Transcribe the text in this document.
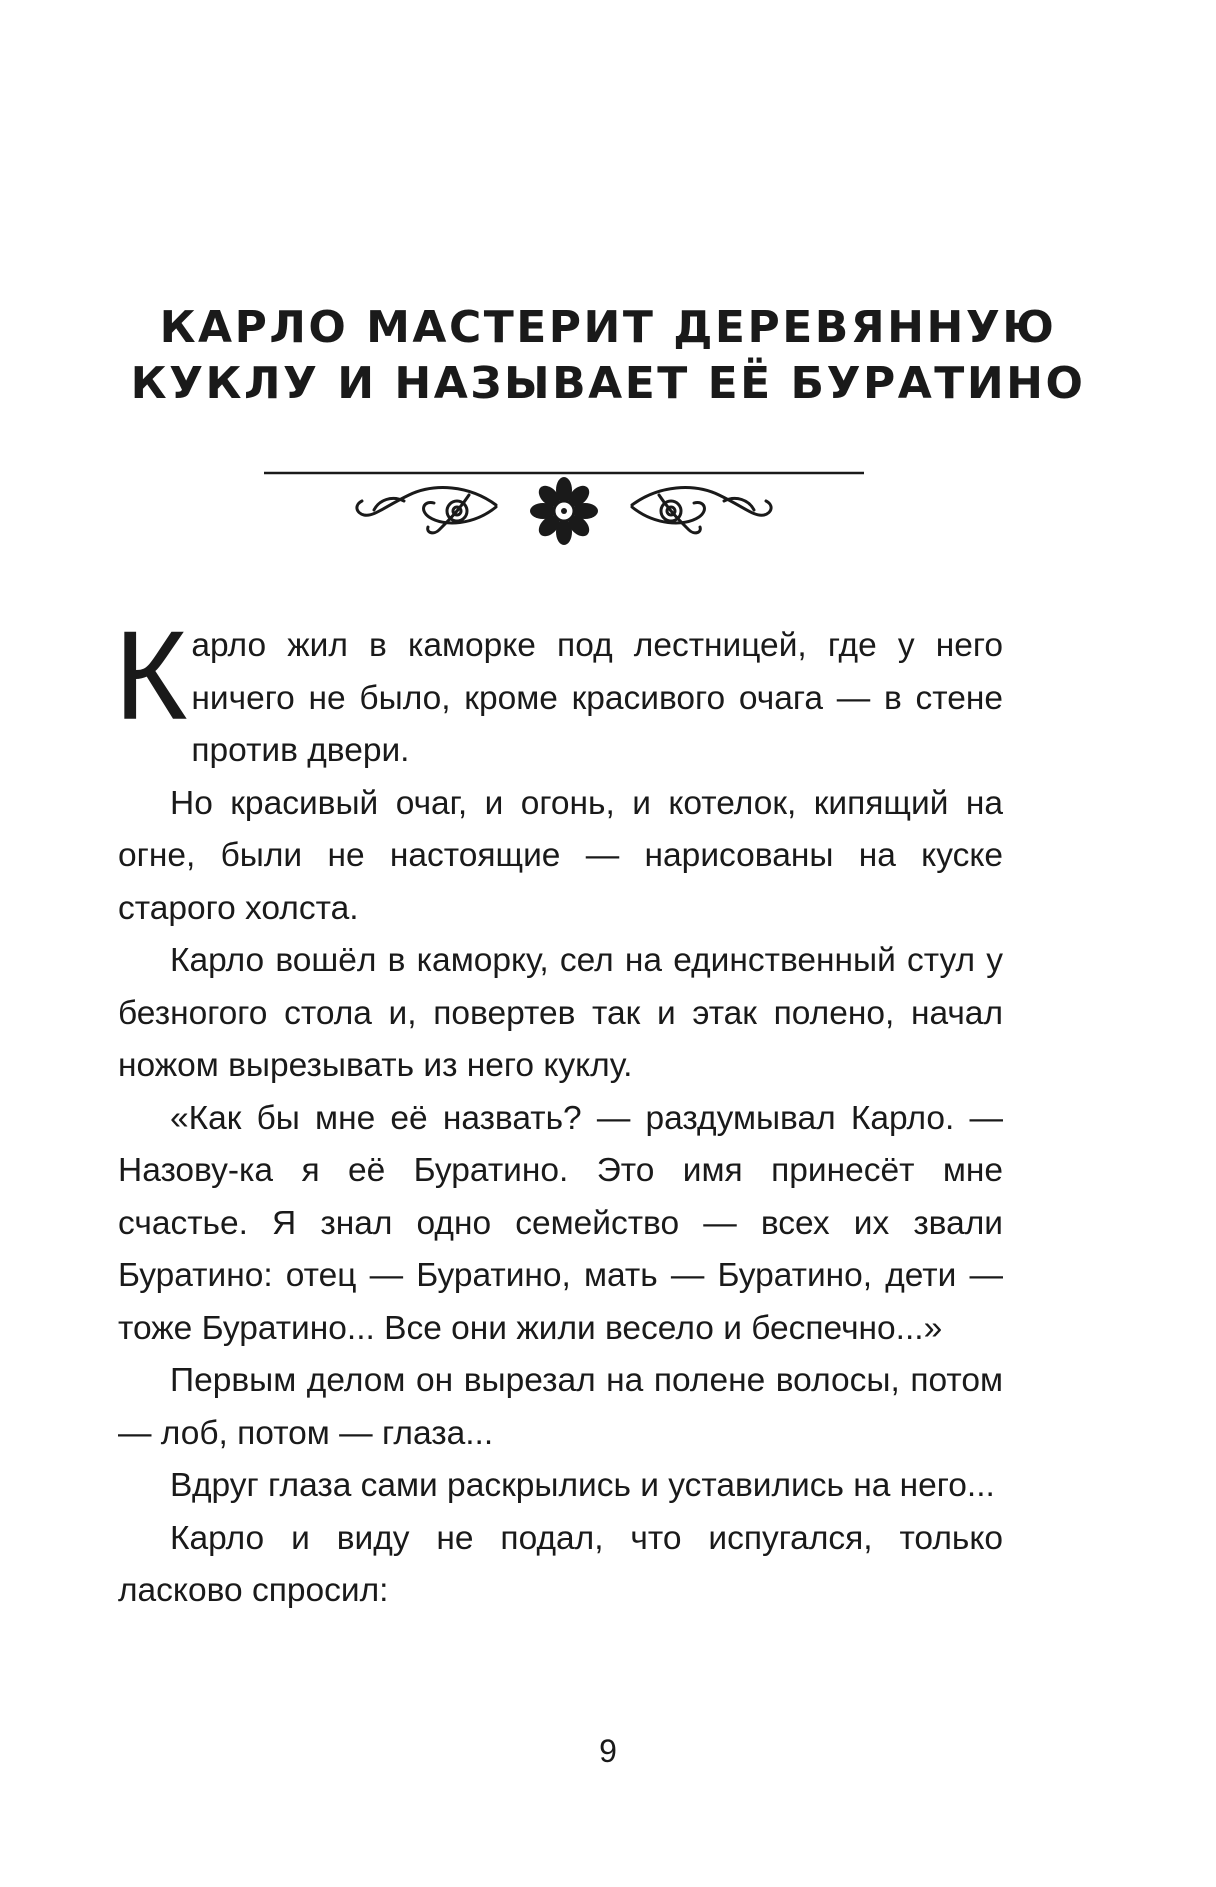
КАРЛО МАСТЕРИТ ДЕРЕВЯННУЮ
КУКЛУ И НАЗЫВАЕТ ЕЁ БУРАТИНО

Карло жил в каморке под лестницей, где у него ничего не было, кроме красивого очага — в стене против двери.

Но красивый очаг, и огонь, и котелок, кипящий на огне, были не настоящие — нарисованы на куске старого холста.

Карло вошёл в каморку, сел на единственный стул у безногого стола и, повертев так и этак полено, начал ножом вырезывать из него куклу.

«Как бы мне её назвать? — раздумывал Карло. — Назову-ка я её Буратино. Это имя принесёт мне счастье. Я знал одно семейство — всех их звали Буратино: отец — Буратино, мать — Буратино, дети — тоже Буратино... Все они жили весело и беспечно...»

Первым делом он вырезал на полене волосы, потом — лоб, потом — глаза...

Вдруг глаза сами раскрылись и уставились на него...

Карло и виду не подал, что испугался, только ласково спросил:

9
